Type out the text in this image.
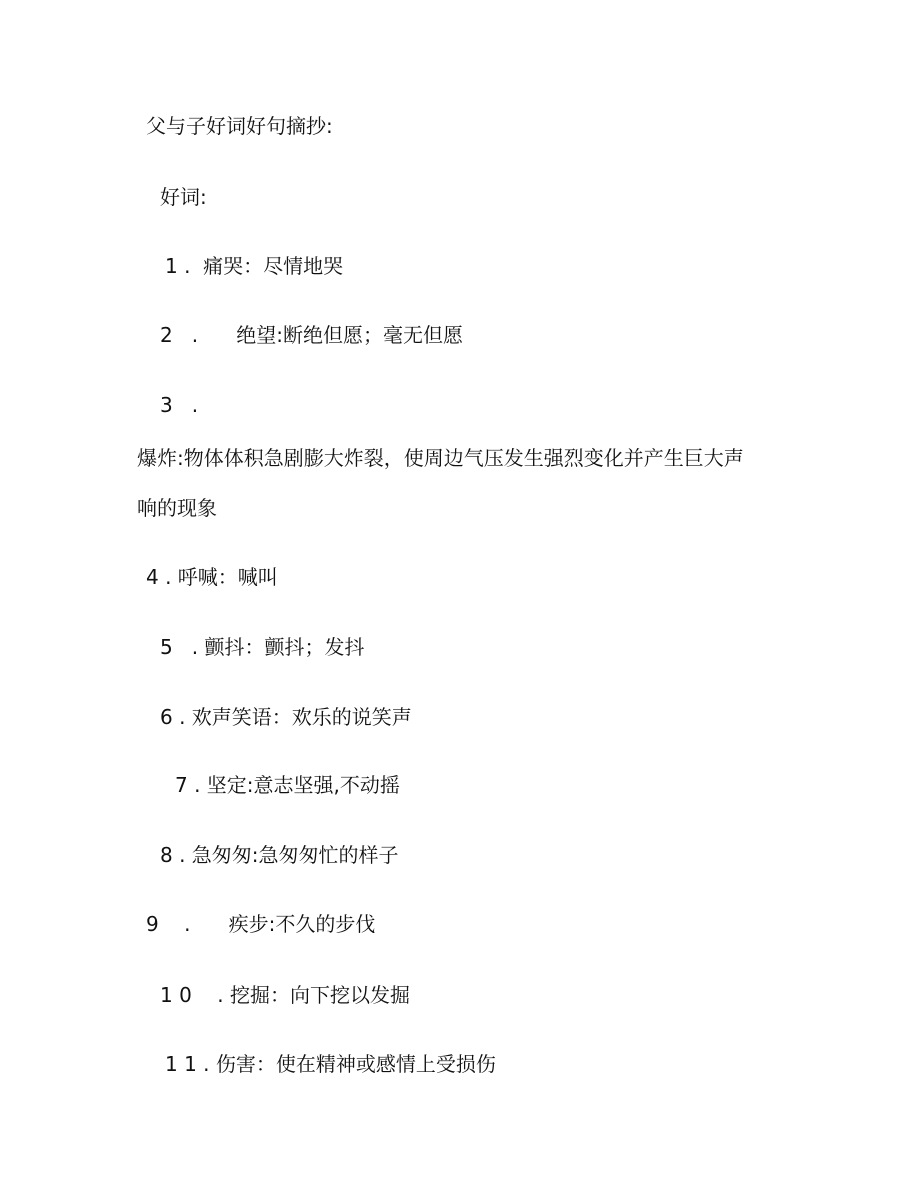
父与子好词好句摘抄:
好词:
1 .  痛哭：尽情地哭
2   .      绝望:断绝但愿；毫无但愿
3   .
爆炸:物体体积急剧膨大炸裂，使周边气压发生强烈变化并产生巨大声
响的现象
4 . 呼喊：喊叫
5   . 颤抖：颤抖；发抖
6 . 欢声笑语：欢乐的说笑声
7 . 坚定:意志坚强,不动摇
8 . 急匆匆:急匆匆忙的样子
9    .      疾步:不久的步伐
1 0    . 挖掘：向下挖以发掘
1 1 . 伤害：使在精神或感情上受损伤
